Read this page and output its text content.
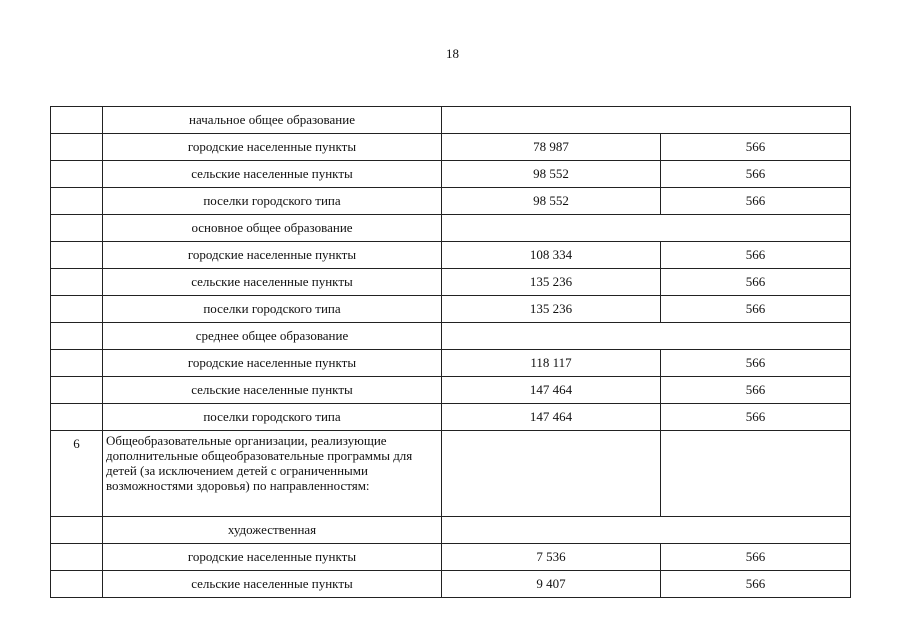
18
	начальное общее образование		
	городские населенные пункты	78 987	566
	сельские населенные пункты	98 552	566
	поселки городского типа	98 552	566
	основное общее образование		
	городские населенные пункты	108 334	566
	сельские населенные пункты	135 236	566
	поселки городского типа	135 236	566
	среднее общее образование		
	городские населенные пункты	118 117	566
	сельские населенные пункты	147 464	566
	поселки городского типа	147 464	566
6	Общеобразовательные организации, реализующие дополнительные общеобразовательные программы для детей (за исключением детей с ограниченными возможностями здоровья) по направленностям:		
	художественная		
	городские населенные пункты	7 536	566
	сельские населенные пункты	9 407	566
